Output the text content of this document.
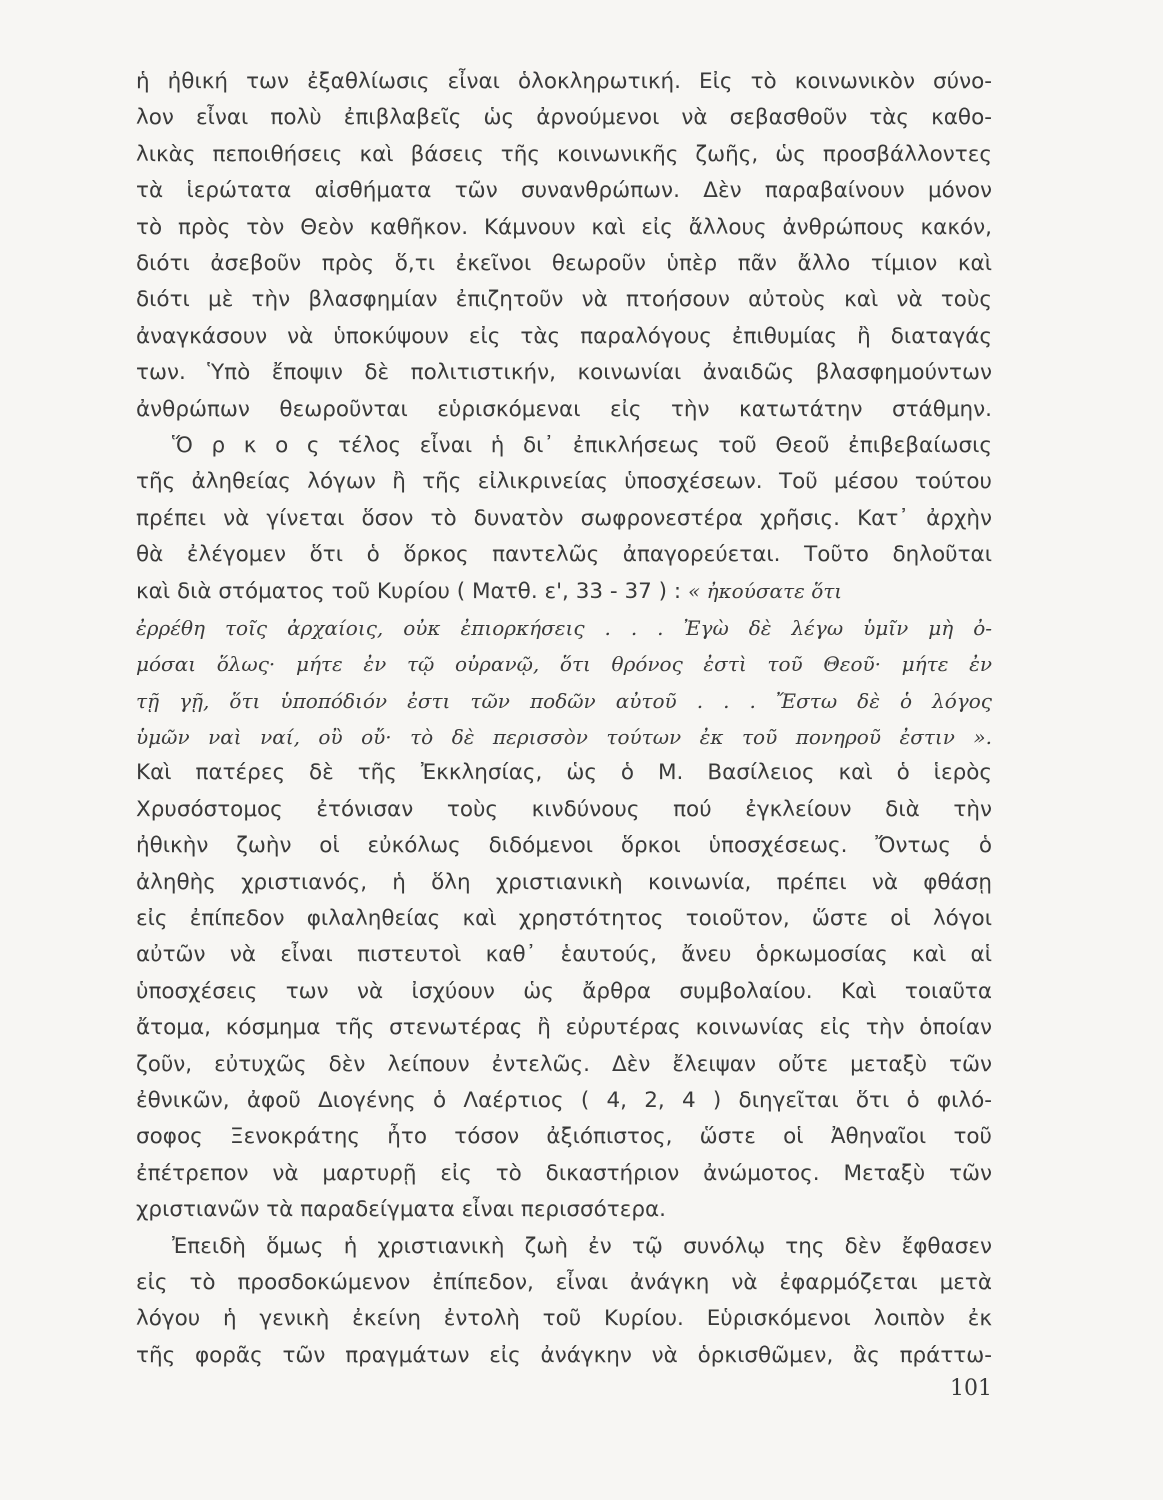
ἡ ἠθική των ἐξαθλίωσις εἶναι ὁλοκληρωτική. Εἰς τὸ κοινωνικὸν σύνο-
λον εἶναι πολὺ ἐπιβλαβεῖς ὡς ἀρνούμενοι νὰ σεβασθοῦν τὰς καθο-
λικὰς πεποιθήσεις καὶ βάσεις τῆς κοινωνικῆς ζωῆς, ὡς προσβάλλοντες
τὰ ἱερώτατα αἰσθήματα τῶν συνανθρώπων. Δὲν παραβαίνουν μόνον
τὸ πρὸς τὸν Θεὸν καθῆκον. Κάμνουν καὶ εἰς ἄλλους ἀνθρώπους κακόν,
διότι ἀσεβοῦν πρὸς ὅ,τι ἐκεῖνοι θεωροῦν ὑπὲρ πᾶν ἄλλο τίμιον καὶ
διότι μὲ τὴν βλασφημίαν ἐπιζητοῦν νὰ πτοήσουν αὐτοὺς καὶ νὰ τοὺς
ἀναγκάσουν νὰ ὑποκύψουν εἰς τὰς παραλόγους ἐπιθυμίας ἢ διαταγάς
των. Ὑπὸ ἔποψιν δὲ πολιτιστικήν, κοινωνίαι ἀναιδῶς βλασφημούντων
ἀνθρώπων θεωροῦνται εὑρισκόμεναι εἰς τὴν κατωτάτην στάθμην.
Ὅ ρ κ ο ς τέλος εἶναι ἡ δι᾽ ἐπικλήσεως τοῦ Θεοῦ ἐπιβεβαίωσις
τῆς ἀληθείας λόγων ἢ τῆς εἰλικρινείας ὑποσχέσεων. Τοῦ μέσου τούτου
πρέπει νὰ γίνεται ὅσον τὸ δυνατὸν σωφρονεστέρα χρῆσις. Κατ᾽ ἀρχὴν
θὰ ἐλέγομεν ὅτι ὁ ὅρκος παντελῶς ἀπαγορεύεται. Τοῦτο δηλοῦται
καὶ διὰ στόματος τοῦ Κυρίου ( Ματθ. ε', 33 - 37 ) : « ἠκούσατε ὅτι
ἐρρέθη τοῖς ἀρχαίοις, οὐκ ἐπιορκήσεις . . . Ἐγὼ δὲ λέγω ὑμῖν μὴ ὀ-
μόσαι ὅλως· μήτε ἐν τῷ οὐρανῷ, ὅτι θρόνος ἐστὶ τοῦ Θεοῦ· μήτε ἐν
τῇ γῇ, ὅτι ὑποπόδιόν ἐστι τῶν ποδῶν αὐτοῦ . . . Ἔστω δὲ ὁ λόγος
ὑμῶν ναὶ ναί, οὒ οὔ· τὸ δὲ περισσὸν τούτων ἐκ τοῦ πονηροῦ ἐστιν ».
Καὶ πατέρες δὲ τῆς Ἐκκλησίας, ὡς ὁ Μ. Βασίλειος καὶ ὁ ἱερὸς
Χρυσόστομος ἐτόνισαν τοὺς κινδύνους πού ἐγκλείουν διὰ τὴν
ἠθικὴν ζωὴν οἱ εὐκόλως διδόμενοι ὅρκοι ὑποσχέσεως. Ὄντως ὁ
ἀληθὴς χριστιανός, ἡ ὅλη χριστιανικὴ κοινωνία, πρέπει νὰ φθάσῃ
εἰς ἐπίπεδον φιλαληθείας καὶ χρηστότητος τοιοῦτον, ὥστε οἱ λόγοι
αὐτῶν νὰ εἶναι πιστευτοὶ καθ᾽ ἑαυτούς, ἄνευ ὁρκωμοσίας καὶ αἱ
ὑποσχέσεις των νὰ ἰσχύουν ὡς ἄρθρα συμβολαίου. Καὶ τοιαῦτα
ἄτομα, κόσμημα τῆς στενωτέρας ἢ εὐρυτέρας κοινωνίας εἰς τὴν ὁποίαν
ζοῦν, εὐτυχῶς δὲν λείπουν ἐντελῶς. Δὲν ἔλειψαν οὔτε μεταξὺ τῶν
ἐθνικῶν, ἀφοῦ Διογένης ὁ Λαέρτιος ( 4, 2, 4 ) διηγεῖται ὅτι ὁ φιλό-
σοφος Ξενοκράτης ἦτο τόσον ἀξιόπιστος, ὥστε οἱ Ἀθηναῖοι τοῦ
ἐπέτρεπον νὰ μαρτυρῇ εἰς τὸ δικαστήριον ἀνώμοτος. Μεταξὺ τῶν
χριστιανῶν τὰ παραδείγματα εἶναι περισσότερα.
Ἐπειδὴ ὅμως ἡ χριστιανικὴ ζωὴ ἐν τῷ συνόλῳ της δὲν ἔφθασεν
εἰς τὸ προσδοκώμενον ἐπίπεδον, εἶναι ἀνάγκη νὰ ἐφαρμόζεται μετὰ
λόγου ἡ γενικὴ ἐκείνη ἐντολὴ τοῦ Κυρίου. Εὑρισκόμενοι λοιπὸν ἐκ
τῆς φορᾶς τῶν πραγμάτων εἰς ἀνάγκην νὰ ὁρκισθῶμεν, ἂς πράττω-
101
